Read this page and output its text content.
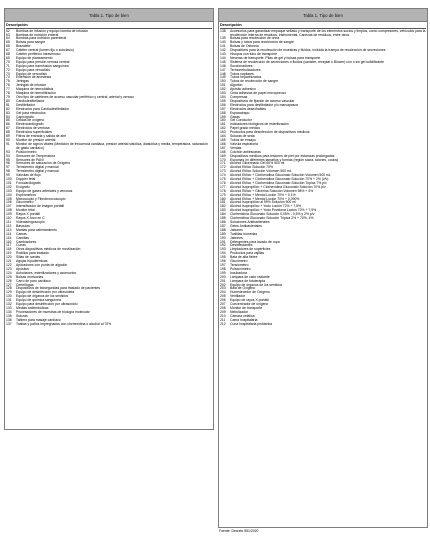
Tabla 1. Tipo de bien
Descripción
62	Bombas de infusión y equipo bomba de infusión
63	Bombas de nutrición enteral
64	Bombas para nutrición parenteral
65	Bolsas para sangre
66	Brazalete
67	Catéter central (lumen fijo o subclavio)
68	Catéter periférico intravenoso
69	Equipo de planeamiento
70	Equipo para presión venosa central
71	Equipo para transfusión sanguínea
72	Equipo para venoclisis
73	Equipo de venoclisis
74	Extensión de anestesia
75	Jeringas
76	Jeringas de infusión
77	Máquina de hemodiálisis
78	Máquina de hemofiltración
79	Otro tipo de catéteres de acceso vascular periférico y central, arterial y venoso
80	Cardiodesfibrilador
81	Desfibrilador
82	Electrodos para Cardiodesfibrilador
83	Gel para electrodos
84	Capnógrafo
85	Celdas de oxígeno
86	Electrocardiógrafo
87	Electrodos de ventosa
88	Electrodos superficiales
89	Filtros de entrada y salida de aire
90	Monitor de presión arterial
91	Monitor de signos vitales (Medición de frecuencia cardiaca, presión arterial sistólica, diastólica y media, temperatura, saturación de gasto cardiaco)
93	Pulsioxímetro
94	Sensores de Temperatura
95	Sensores de PANI
96	Sensores de saturación de Oxígeno
97	Termómetro digital y manual
98	Termómetro digital y manual
99	Válvulas de flujo
100	Doppler fetal
101	Fonocardiógrafo
102	Ecógrafo
103	Equipo de gases arteriales y venosos
104	Espirómetros
105	Microscopio y Fibrobroncoscopio
106	Glucómetro
107	Intensificador de imagen portátil
108	Monitor fetal
109	Rayos X portátil
110	Rayos X Arco en C
111	Videolaringoscopio
112	Básculas
113	Mantas para calentamiento
114	Camas
115	Camillas
116	Cambiadores
117	Cunas
118	Otros dispositivos médicos de movilización
119	Rodillos para traslado
120	Sillas de ruedas
121	Agujas hipodérmicas
122	Aplicadores con punta de algodón
123	Apósitos
124	Autoclaves, esterilizadores y accesorios
125	Bolsas mortuorias
126	Carro de paro cardiaco
127	Centrífugas
128	Dispositivos de bioseguridad para traslado de pacientes
129	Equipo de desinfección por ultravioleta
130	Equipo de órganos de los sentidos
131	Equipo de química sanguínea
132	Equipo para desinfección por ultrasonido
133	Medias antiembólicas
134	Procesadores de muestras de biología molecular
135	Suturas
136	Tablero para masaje cardíaco
137	Toallas y paños impregnados con clorhexidina o alcohol al 70%
Tabla 1. Tipo de bien
Descripción
138	Accesorios para garantizar empaque sellado y transporte de los elementos sucios y limpios, como compresores, vehículos para la recolección interna de residuos, instrumental, Canecas de residuos, entre otros.
139	Bolsas para recolección de orina
140	Bolsas y tubos para recolección de sangre
141	Bolsas de Ostomía
142	Dispositivos para la recolección de muestras y fluidos, incluida la trampa de recolección de secreciones
143	Hisopos con tubo de transporte
144	Neveras de transporte. Pilas de gel y bolsas para transporte
145	Sistema de recolección de secreciones o fluidos (canister, receptal o Blower) con o sin gel solidificante
146	Succionadores
147	Termonebulizadores
148	Tubos capilares
149	Tubos heparinizados
150	Tubos de recolección de sangre
151	Algodón
152	Apósito adhesivo
153	Cinta adhesiva de papel microporoso
154	Compresas
155	Dispositivos de fijación de acceso vascular
156	Electrodos para desfibrilador y/o marcapasos
157	Electrodos desechables
158	Esparadrapo
159	Gasas
160	Gel Conductor
161	Indicadores biológicos de esterilización
162	Papel grado médico
163	Productos para desinfección de dispositivos médicos
164	Suturas de seda
165	Tubos de ensayo
166	Válvula espiratoria
167	Vendas
168	Colchón antiescaras
169	Dispositivos médicos para lesiones de piel por estancias prolongadas
170	Espumas /m diferentes tamaños y formas (región sacra, talones, codos)
171	Alcohol Glicerinado Gel 60% 500 ml
172	Alcohol Etílico Solución 70%
173	Alcohol Etílico Solución Volumen 500 mL
174	Alcohol Etílico + Clorhexidina Gluconato Solución Volumen 500 mL
175	Alcohol Etílico + Clorhexidina Gluconato Solución 70% + 2% (v/v)
176	Alcohol Etílico + Clorhexidina Gluconato Solución Tópica 7% p/v
177	Alcohol Isopropílico + Clorhexidina Gluconato Solución 70% p/v
178	Alcohol Etílico + Glicerina Solución Volumen 98% + 4%
179	Alcohol Etílico + Mentol Loción 70% + 0,1%
180	Alcohol Etílico + Mentol Loción 70% + 0,090%
181	Alcohol Isopropílico al 99% Solución 500 ml
182	Alcohol Isopropílico + Yodo Loción 72% + 7,5%
183	Alcohol Isopropílico + Yodo Povidona Loción 72% + 7,5%
184	Clorhexidina Gluconato Solución 0,05% - 0,5% y 2% p/v
185	Clorhexidina Gluconato Solución Tópica 2% + 70%, 4%
186	Soluciones Antibacteriales
187	Geles Antibacteriales
188	Jabones
189	Toallitas húmedas
190	Jabones
191	Detergentes para lavado de ropa
192	Desinfectantes
193	Limpiadores de superficies
194	Productos para vajillas
195	Bata de alta fiebre
196	Glucómetro
197	Tensiómetro
198	Pulsioxímetro
199	Incubadora
200	Lámpara de calor radiante
201	Lámpara de fototerapia
202	Equipo de órganos de los sentidos
203	Bala de Oxígeno
204	Humedecedor de Oxígeno
205	Ventilador
206	Equipo de rayos X portátil
207	Concentrador de oxígeno
208	Monitor de transporte
209	Nebulizador
210	Cámara cefálica
211	Cama hospitalaria
212	Cuna hospitalaria pediátrica
Fuente: Decreto 551/2020
